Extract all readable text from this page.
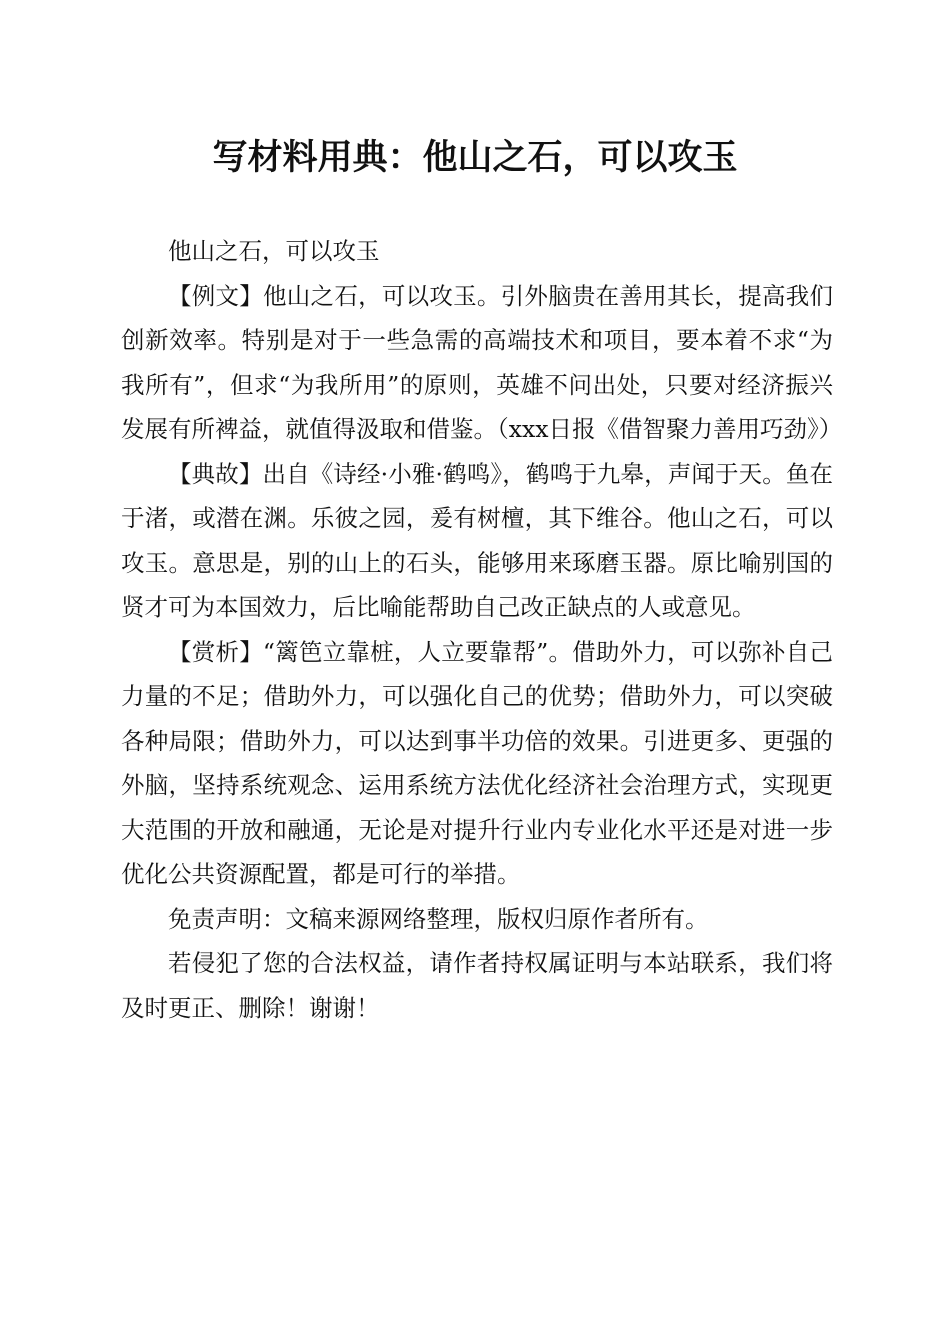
写材料用典：他山之石，可以攻玉

他山之石，可以攻玉

【例文】他山之石，可以攻玉。引外脑贵在善用其长，提高我们创新效率。特别是对于一些急需的高端技术和项目，要本着不求“为我所有”，但求“为我所用”的原则，英雄不问出处，只要对经济振兴发展有所裨益，就值得汲取和借鉴。（xxx日报《借智聚力善用巧劲》）

【典故】出自《诗经·小雅·鹤鸣》，鹤鸣于九皋，声闻于天。鱼在于渚，或潜在渊。乐彼之园，爰有树檀，其下维谷。他山之石，可以攻玉。意思是，别的山上的石头，能够用来琢磨玉器。原比喻别国的贤才可为本国效力，后比喻能帮助自己改正缺点的人或意见。

【赏析】“篱笆立靠桩，人立要靠帮”。借助外力，可以弥补自己力量的不足；借助外力，可以强化自己的优势；借助外力，可以突破各种局限；借助外力，可以达到事半功倍的效果。引进更多、更强的外脑，坚持系统观念、运用系统方法优化经济社会治理方式，实现更大范围的开放和融通，无论是对提升行业内专业化水平还是对进一步优化公共资源配置，都是可行的举措。

免责声明：文稿来源网络整理，版权归原作者所有。

若侵犯了您的合法权益，请作者持权属证明与本站联系，我们将及时更正、删除！谢谢！
